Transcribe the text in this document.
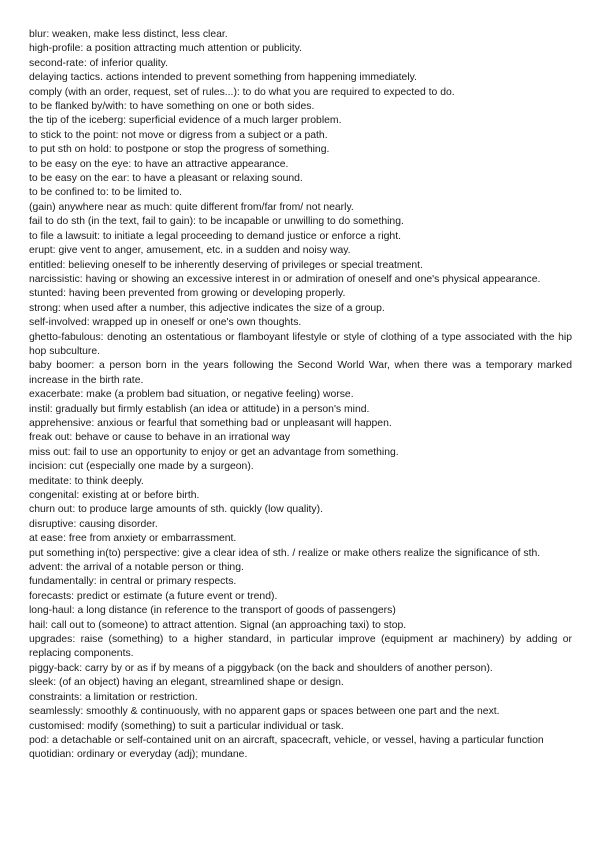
blur: weaken, make less distinct, less clear.

high-profile: a position attracting much attention or publicity.

second-rate: of inferior quality.

delaying tactics. actions intended to prevent something from happening immediately.

comply (with an order, request, set of rules...): to do what you are required to expected to do.

to be flanked by/with: to have something on one or both sides.

the tip of the iceberg: superficial evidence of a much larger problem.

to stick to the point: not move or digress from a subject or a path.

to put sth on hold: to postpone or stop the progress of something.

to be easy on the eye: to have an attractive appearance.

to be easy on the ear: to have a pleasant or relaxing sound.

to be confined to: to be limited to.

(gain) anywhere near as much: quite different from/far from/ not nearly.

fail to do sth (in the text, fail to gain): to be incapable or unwilling to do something.

to file a lawsuit: to initiate a legal proceeding to demand justice or enforce a right.

erupt: give vent to anger, amusement, etc. in a sudden and noisy way.

entitled: believing oneself to be inherently deserving of privileges or special treatment.

narcissistic: having or showing an excessive interest in or admiration of oneself and one's physical appearance.

stunted: having been prevented from growing or developing properly.

strong: when used after a number, this adjective indicates the size of a group.

self-involved: wrapped up in oneself or one's own thoughts.

ghetto-fabulous: denoting an ostentatious or flamboyant lifestyle or style of clothing of a type associated with the hip hop subculture.

baby boomer: a person born in the years following the Second World War, when there was a temporary marked increase in the birth rate.

exacerbate: make (a problem bad situation, or negative feeling) worse.

instil: gradually but firmly establish (an idea or attitude) in a person's mind.

apprehensive: anxious or fearful that something bad or unpleasant will happen.

freak out: behave or cause to behave in an irrational way

miss out: fail to use an opportunity to enjoy or get an advantage from something.

incision: cut (especially one made by a surgeon).

meditate: to think deeply.

congenital: existing at or before birth.

churn out: to produce large amounts of sth. quickly (low quality).

disruptive: causing disorder.

at ease: free from anxiety or embarrassment.

put something in(to) perspective: give a clear idea of sth. / realize or make others realize the significance of sth.

advent: the arrival of a notable person or thing.

fundamentally: in central or primary respects.

forecasts: predict or estimate (a future event or trend).

long-haul: a long distance (in reference to the transport of goods of passengers)

hail: call out to (someone) to attract attention. Signal (an approaching taxi) to stop.

upgrades: raise (something) to a higher standard, in particular improve (equipment ar machinery) by adding or replacing components.

piggy-back: carry by or as if by means of a piggyback (on the back and shoulders of another person).

sleek: (of an object) having an elegant, streamlined shape or design.

constraints: a limitation or restriction.

seamlessly: smoothly & continuously, with no apparent gaps or spaces between one part and the next.

customised: modify (something) to suit a particular individual or task.

pod: a detachable or self-contained unit on an aircraft, spacecraft, vehicle, or vessel, having a particular function

quotidian: ordinary or everyday (adj); mundane.
